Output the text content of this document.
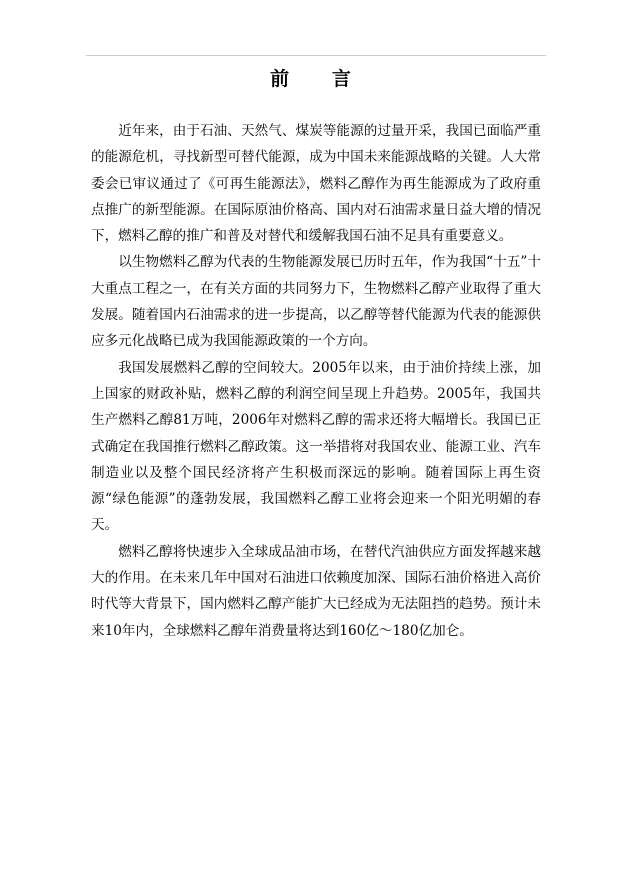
前 言

近年来，由于石油、天然气、煤炭等能源的过量开采，我国已面临严重的能源危机，寻找新型可替代能源，成为中国未来能源战略的关键。人大常委会已审议通过了《可再生能源法》，燃料乙醇作为再生能源成为了政府重点推广的新型能源。在国际原油价格高、国内对石油需求量日益大增的情况下，燃料乙醇的推广和普及对替代和缓解我国石油不足具有重要意义。

以生物燃料乙醇为代表的生物能源发展已历时五年，作为我国“十五”十大重点工程之一，在有关方面的共同努力下，生物燃料乙醇产业取得了重大发展。随着国内石油需求的进一步提高，以乙醇等替代能源为代表的能源供应多元化战略已成为我国能源政策的一个方向。

我国发展燃料乙醇的空间较大。2005年以来，由于油价持续上涨，加上国家的财政补贴，燃料乙醇的利润空间呈现上升趋势。2005年，我国共生产燃料乙醇81万吨，2006年对燃料乙醇的需求还将大幅增长。我国已正式确定在我国推行燃料乙醇政策。这一举措将对我国农业、能源工业、汽车制造业以及整个国民经济将产生积极而深远的影响。随着国际上再生资源“绿色能源”的蓬勃发展，我国燃料乙醇工业将会迎来一个阳光明媚的春天。

燃料乙醇将快速步入全球成品油市场，在替代汽油供应方面发挥越来越大的作用。在未来几年中国对石油进口依赖度加深、国际石油价格进入高价时代等大背景下，国内燃料乙醇产能扩大已经成为无法阻挡的趋势。预计未来10年内，全球燃料乙醇年消费量将达到160亿～180亿加仑。
